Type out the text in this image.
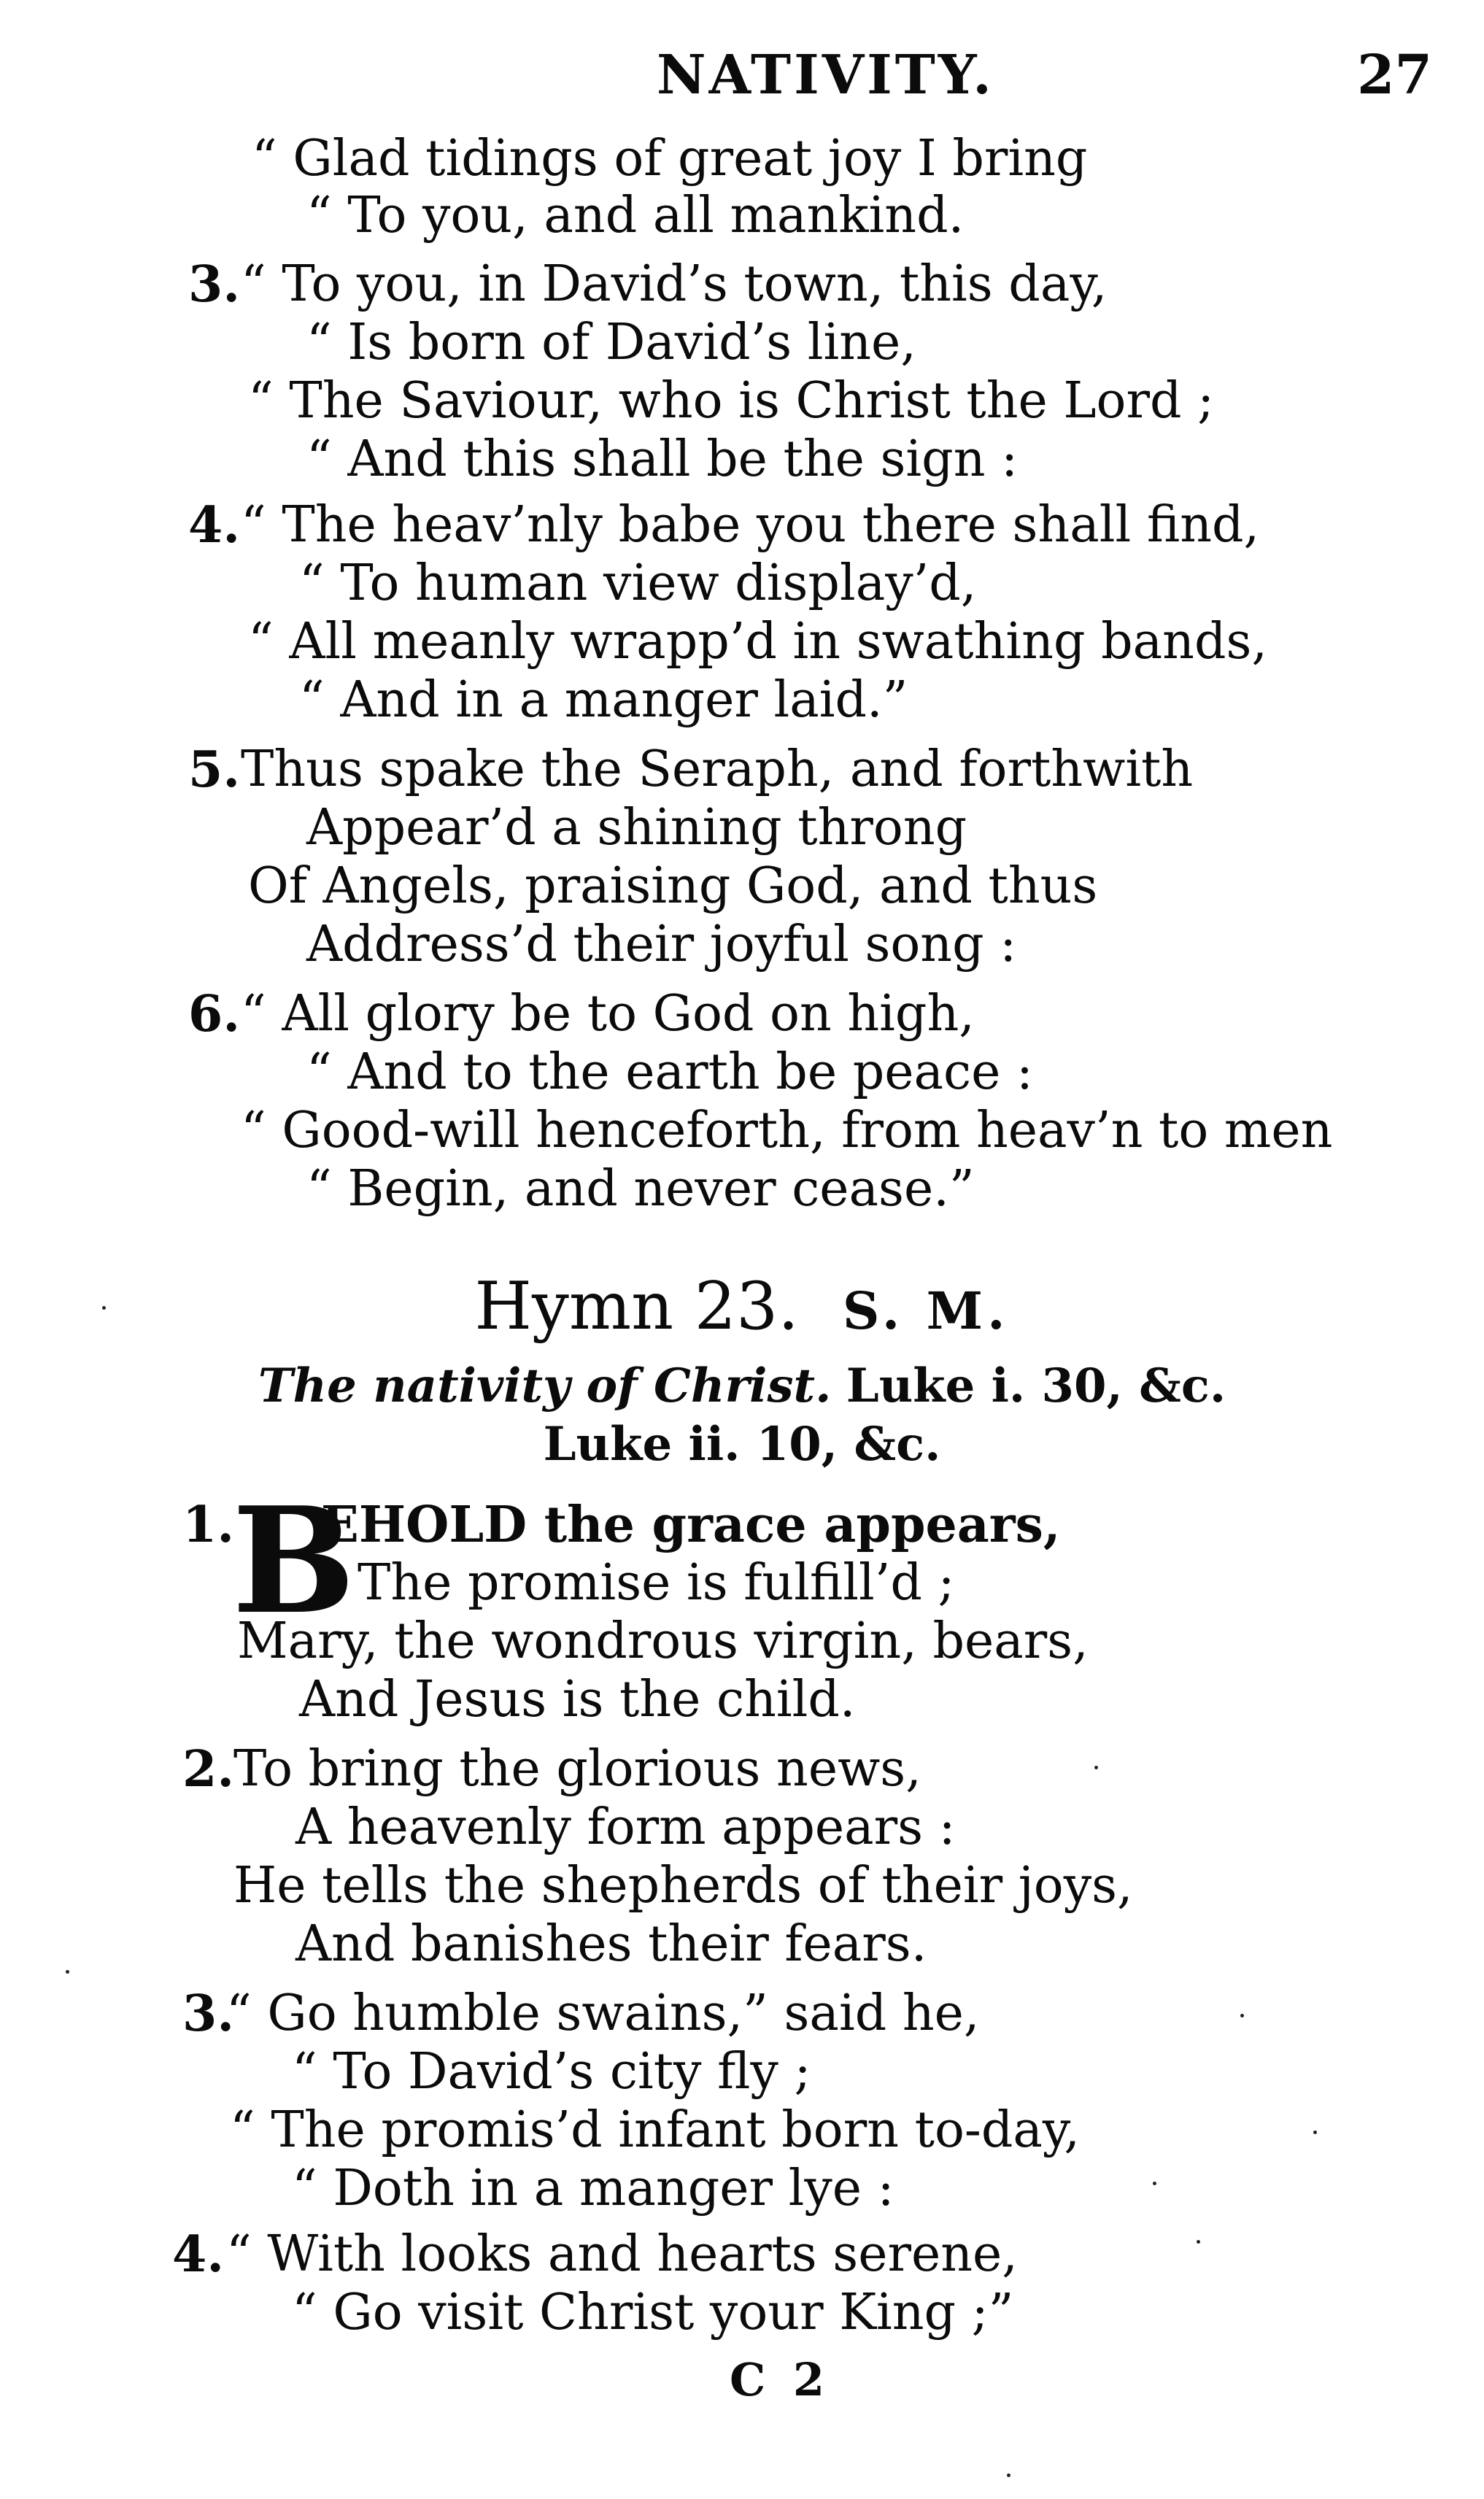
NATIVITY.	27
“ Glad tidings of great joy I bring
“ To you, and all mankind.
3. “ To you, in David’s town, this day,
“ Is born of David’s line,
“ The Saviour, who is Christ the Lord ;
“ And this shall be the sign :
4. “ The heav’nly babe you there shall find,
“ To human view display’d,
“ All meanly wrapp’d in swathing bands,
“ And in a manger laid.”
5. Thus spake the Seraph, and forthwith
Appear’d a shining throng
Of Angels, praising God, and thus
Address’d their joyful song :
6. “ All glory be to God on high,
“ And to the earth be peace :
“ Good-will henceforth, from heav’n to men
“ Begin, and never cease.”
Hymn 23. S. M.
The nativity of Christ. Luke i. 30, &c.
Luke ii. 10, &c.
1.
B
EHOLD the grace appears,
The promise is fulfill’d ;
Mary, the wondrous virgin, bears,
And Jesus is the child.
2. To bring the glorious news,
A heavenly form appears :
He tells the shepherds of their joys,
And banishes their fears.
3.
“ Go humble swains,” said he,
“ To David’s city fly ;
“ The promis’d infant born to-day,
“ Doth in a manger lye :
4. “ With looks and hearts serene,
“ Go visit Christ your King ;”
C 2
